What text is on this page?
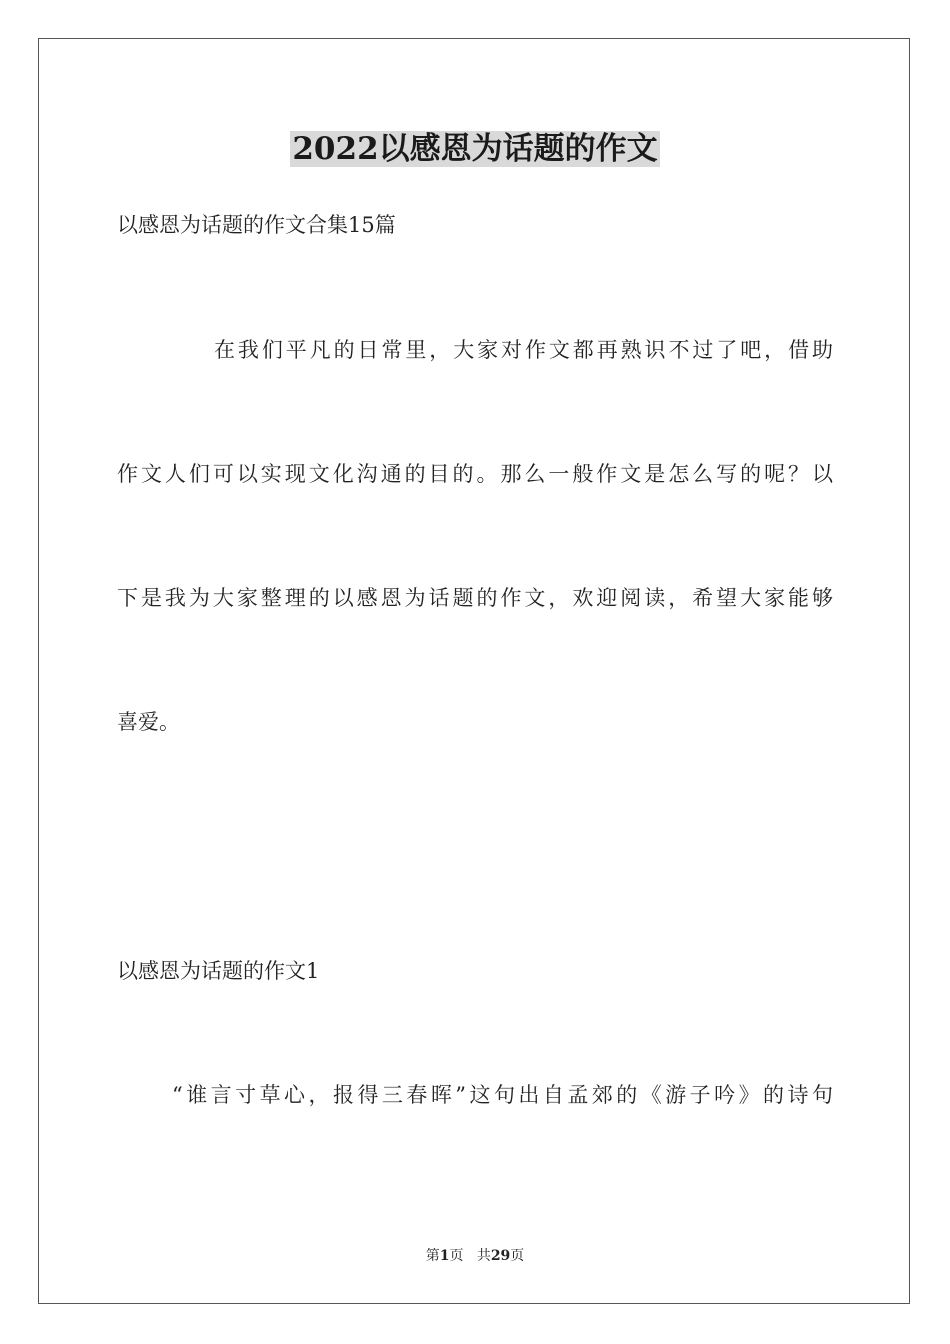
2022以感恩为话题的作文
以感恩为话题的作文合集15篇
在我们平凡的日常里，大家对作文都再熟识不过了吧，借助
作文人们可以实现文化沟通的目的。那么一般作文是怎么写的呢？以
下是我为大家整理的以感恩为话题的作文，欢迎阅读，希望大家能够
喜爱。
以感恩为话题的作文1
“谁言寸草心，报得三春晖”这句出自孟郊的《游子吟》的诗句
第1页 共29页
